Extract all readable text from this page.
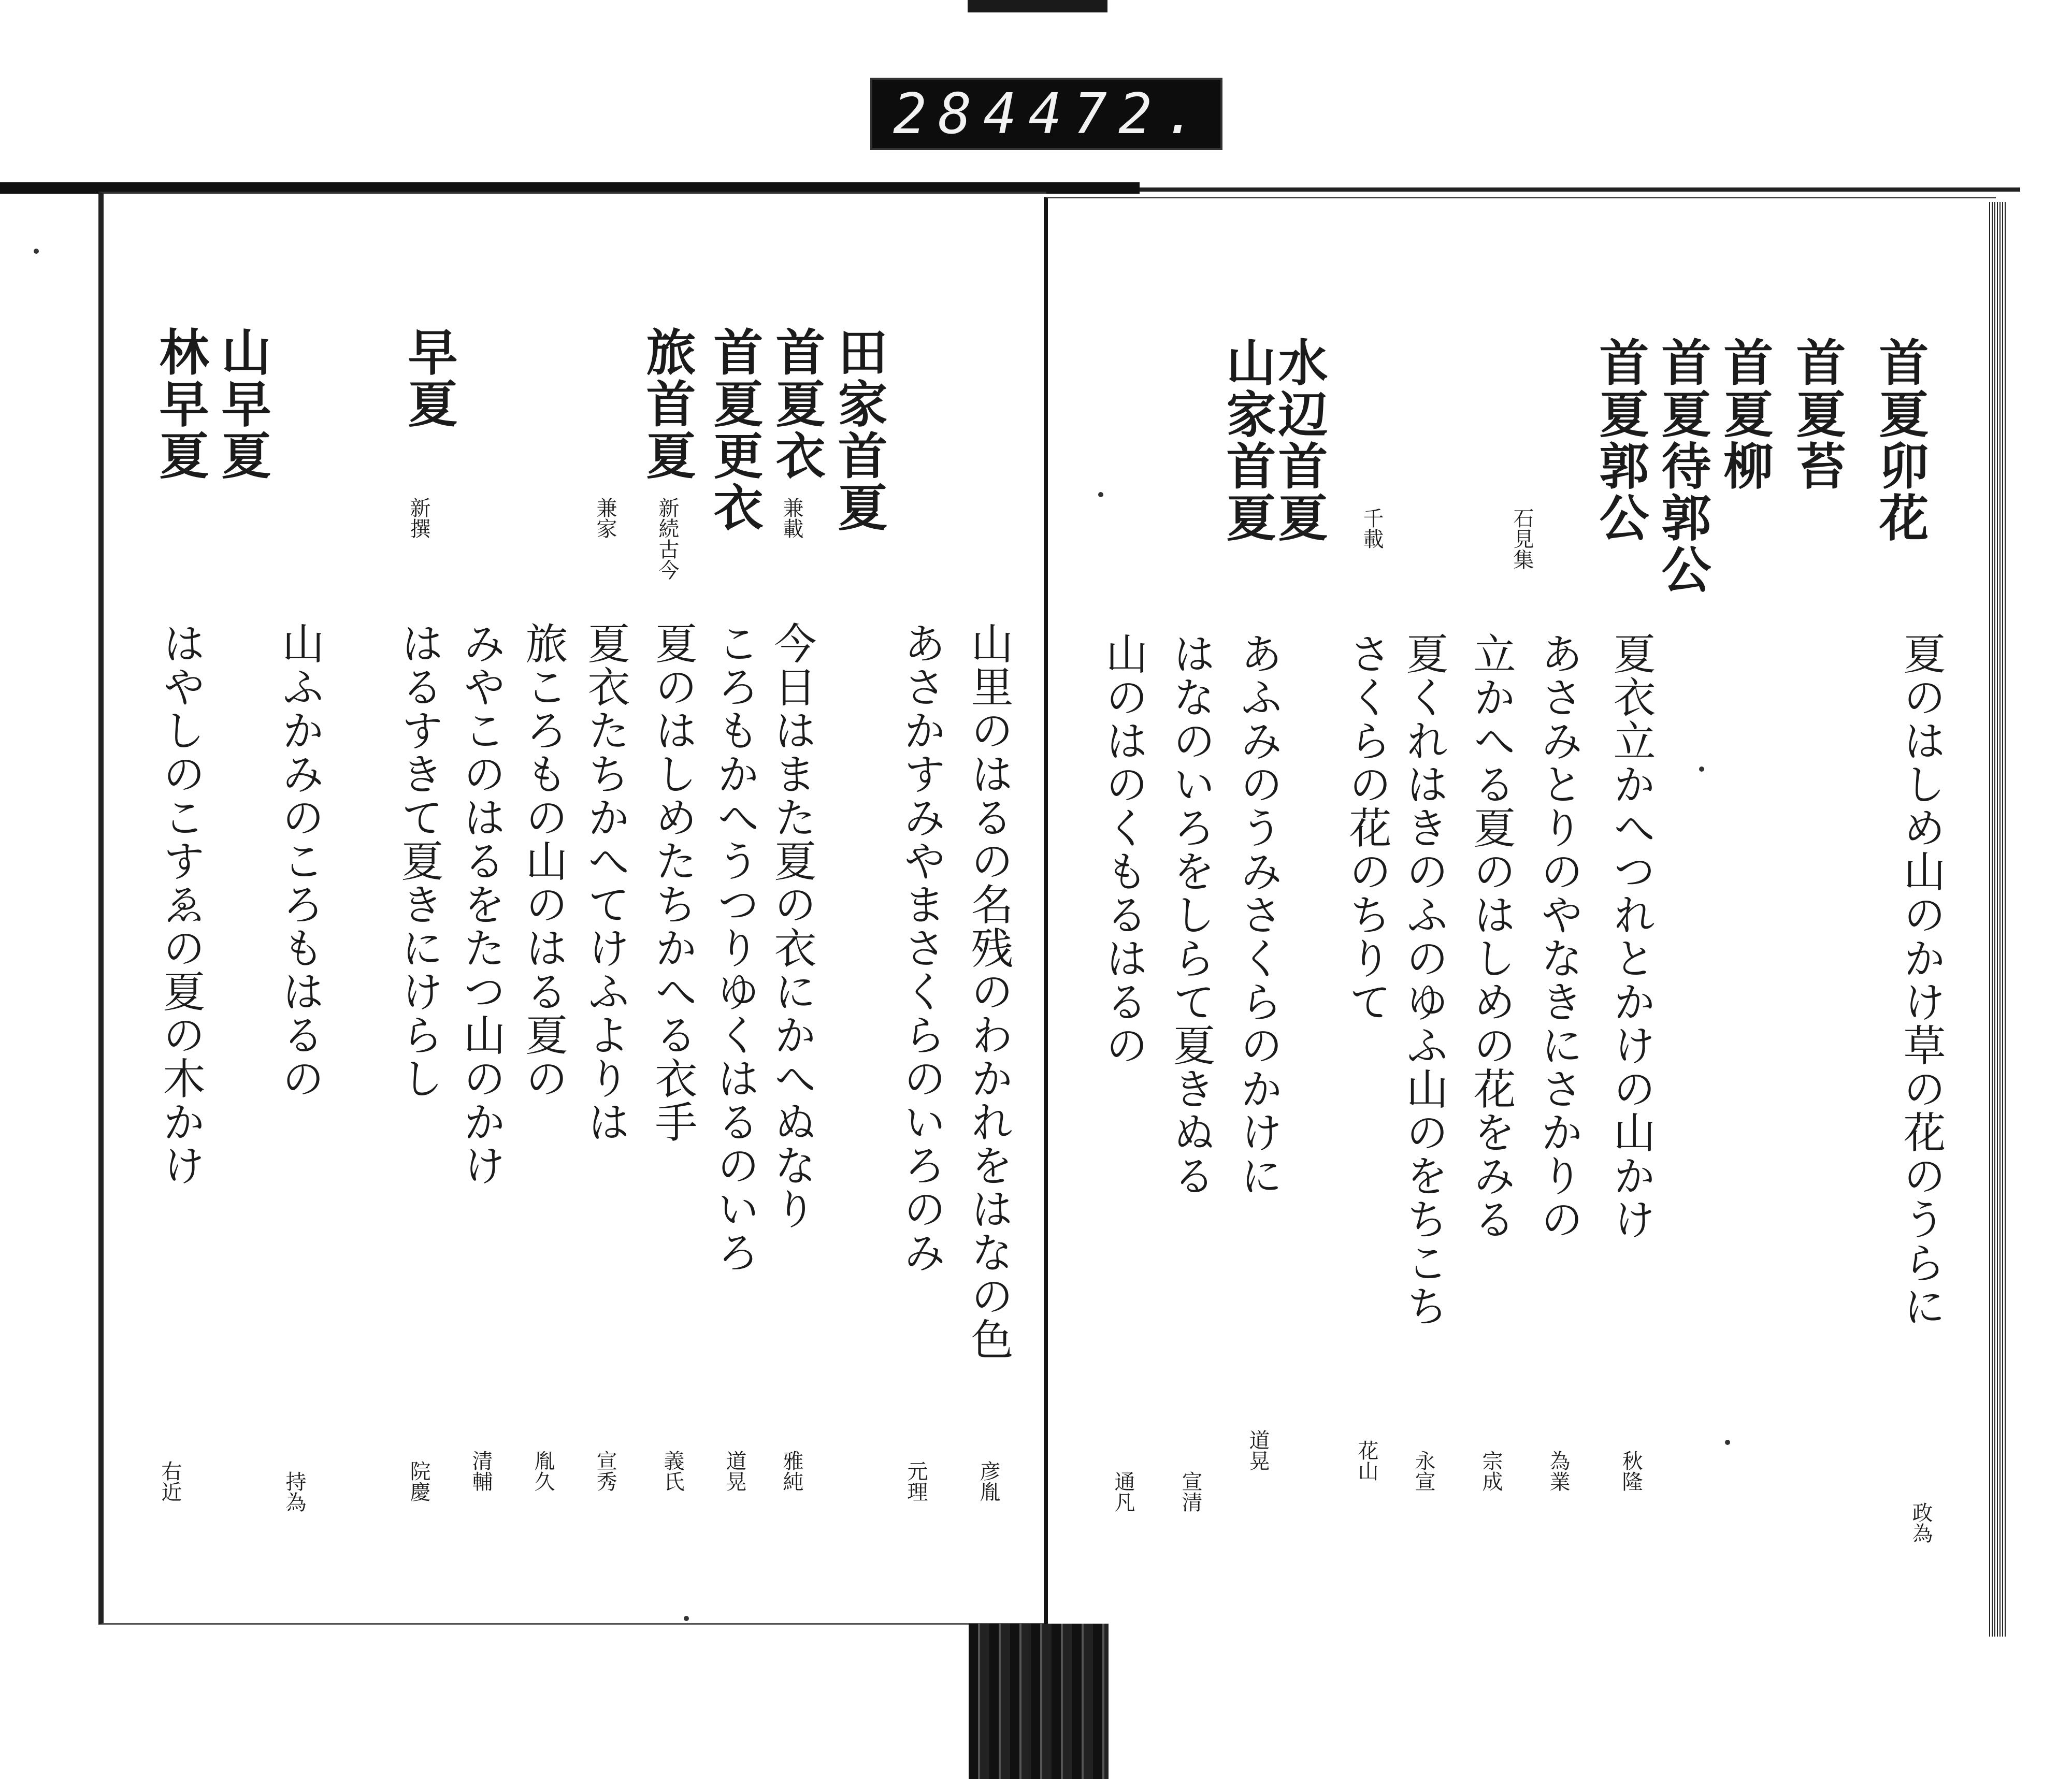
284 472.
首夏卯花
首夏苔
首夏柳
首夏待郭公
首夏郭公
水辺首夏
山家首夏
夏のはしめ山のかけ草の花のうらに
政為
夏衣立かへつれとかけの山かけ
秋隆
あさみとりのやなきにさかりの
為業
立かへる夏のはしめの花をみる
宗成
夏くれはきのふのゆふ山のをちこち
永宣
さくらの花のちりて
花山
あふみのうみさくらのかけに
道晃
はなのいろをしらて夏きぬる
宣清
山のはのくもるはるの
通凡
田家首夏
首夏衣
首夏更衣
旅首夏
早夏
山早夏
林早夏
兼載
新続古今
兼家
新撰	千載	石見集
山里のはるの名残のわかれをはなの色
彦胤
あさかすみやまさくらのいろのみ
元理
今日はまた夏の衣にかへぬなり
雅純
ころもかへうつりゆくはるのいろ
道晃
夏のはしめたちかへる衣手
義氏
夏衣たちかへてけふよりは
宣秀
旅ころもの山のはる夏の
胤久
みやこのはるをたつ山のかけ
清輔
はるすきて夏きにけらし
院慶
山ふかみのころもはるの
持為
はやしのこすゑの夏の木かけ
右近
